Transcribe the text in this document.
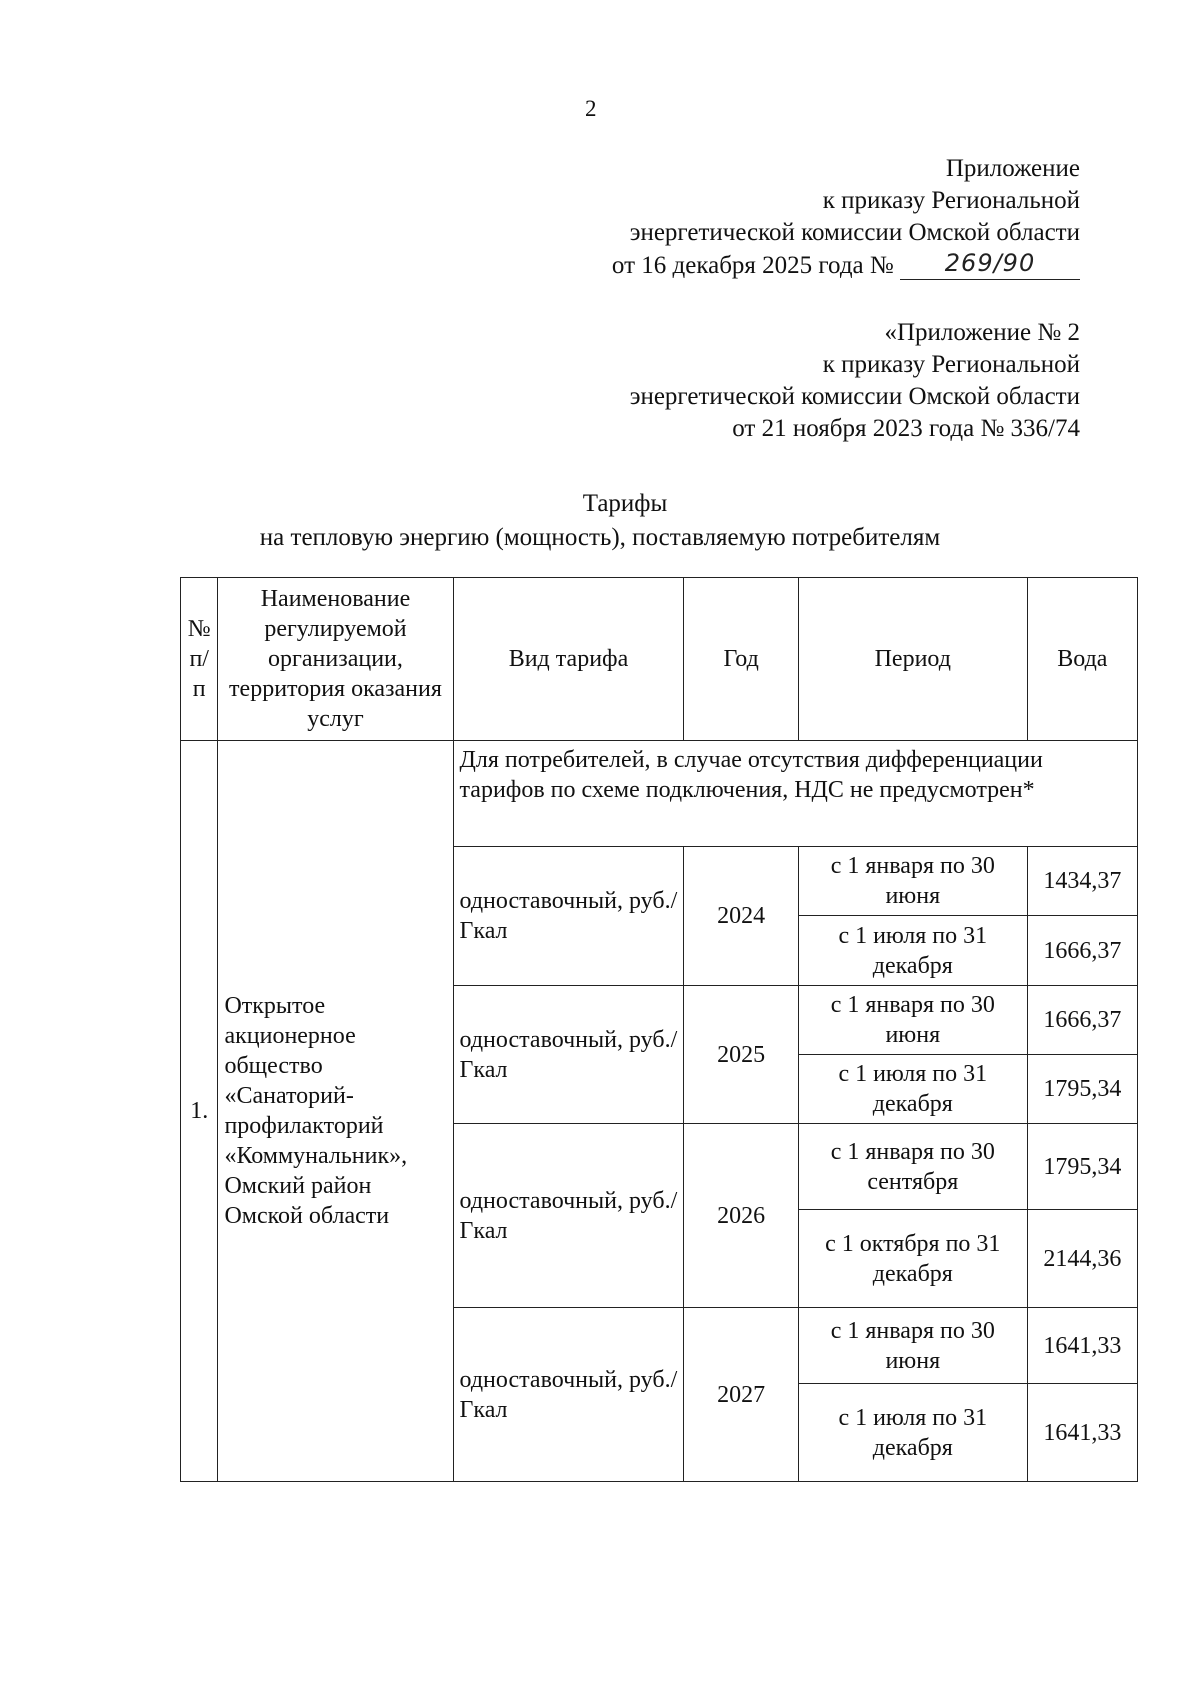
2
Приложение
к приказу Региональной
энергетической комиссии Омской области
от 16 декабря 2025 года № 269/90
«Приложение № 2
к приказу Региональной
энергетической комиссии Омской области
от 21 ноября 2023 года № 336/74
Тарифы
на тепловую энергию (мощность), поставляемую потребителям
№ п/п	Наименование регулируемой организации, территория оказания услуг	Вид тарифа	Год	Период	Вода
1.	Открытое акционерное общество «Санаторий-профилакторий «Коммунальник», Омский район Омской области	Для потребителей, в случае отсутствия дифференциации тарифов по схеме подключения, НДС не предусмотрен*			
		одноставочный, руб./Гкал	2024	с 1 января по 30 июня	1434,37
				с 1 июля по 31 декабря	1666,37
		одноставочный, руб./Гкал	2025	с 1 января по 30 июня	1666,37
				с 1 июля по 31 декабря	1795,34
		одноставочный, руб./Гкал	2026	с 1 января по 30 сентября	1795,34
				с 1 октября по 31 декабря	2144,36
		одноставочный, руб./Гкал	2027	с 1 января по 30 июня	1641,33
				с 1 июля по 31 декабря	1641,33
